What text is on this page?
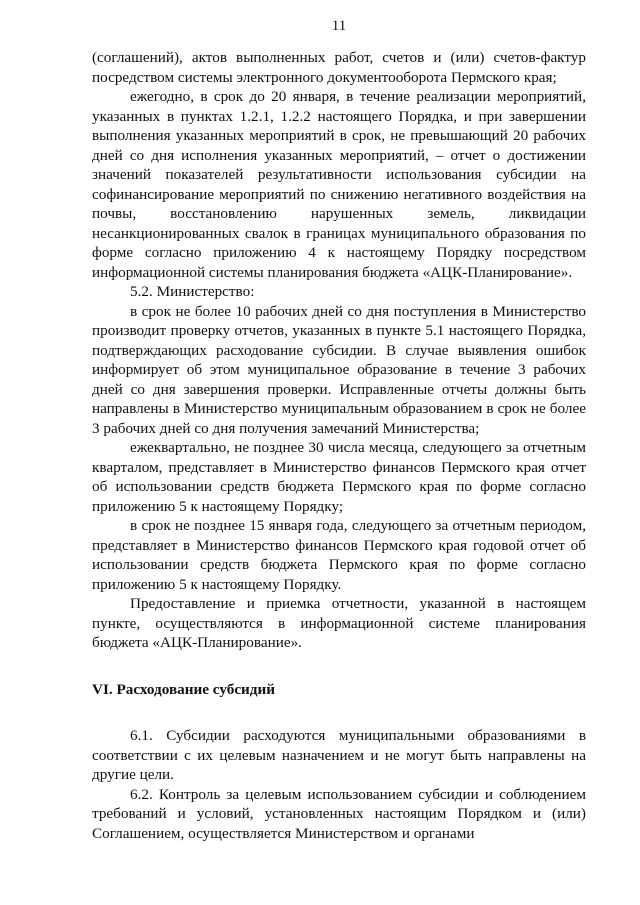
11

(соглашений), актов выполненных работ, счетов и (или) счетов-фактур посредством системы электронного документооборота Пермского края;

ежегодно, в срок до 20 января, в течение реализации мероприятий, указанных в пунктах 1.2.1, 1.2.2 настоящего Порядка, и при завершении выполнения указанных мероприятий в срок, не превышающий 20 рабочих дней со дня исполнения указанных мероприятий, – отчет о достижении значений показателей результативности использования субсидии на софинансирование мероприятий по снижению негативного воздействия на почвы, восстановлению нарушенных земель, ликвидации несанкционированных свалок в границах муниципального образования по форме согласно приложению 4 к настоящему Порядку посредством информационной системы планирования бюджета «АЦК-Планирование».

5.2. Министерство:

в срок не более 10 рабочих дней со дня поступления в Министерство производит проверку отчетов, указанных в пункте 5.1 настоящего Порядка, подтверждающих расходование субсидии. В случае выявления ошибок информирует об этом муниципальное образование в течение 3 рабочих дней со дня завершения проверки. Исправленные отчеты должны быть направлены в Министерство муниципальным образованием в срок не более 3 рабочих дней со дня получения замечаний Министерства;

ежеквартально, не позднее 30 числа месяца, следующего за отчетным кварталом, представляет в Министерство финансов Пермского края отчет об использовании средств бюджета Пермского края по форме согласно приложению 5 к настоящему Порядку;

в срок не позднее 15 января года, следующего за отчетным периодом, представляет в Министерство финансов Пермского края годовой отчет об использовании средств бюджета Пермского края по форме согласно приложению 5 к настоящему Порядку.

Предоставление и приемка отчетности, указанной в настоящем пункте, осуществляются в информационной системе планирования бюджета «АЦК-Планирование».

VI. Расходование субсидий

6.1. Субсидии расходуются муниципальными образованиями в соответствии с их целевым назначением и не могут быть направлены на другие цели.

6.2. Контроль за целевым использованием субсидии и соблюдением требований и условий, установленных настоящим Порядком и (или) Соглашением, осуществляется Министерством и органами
